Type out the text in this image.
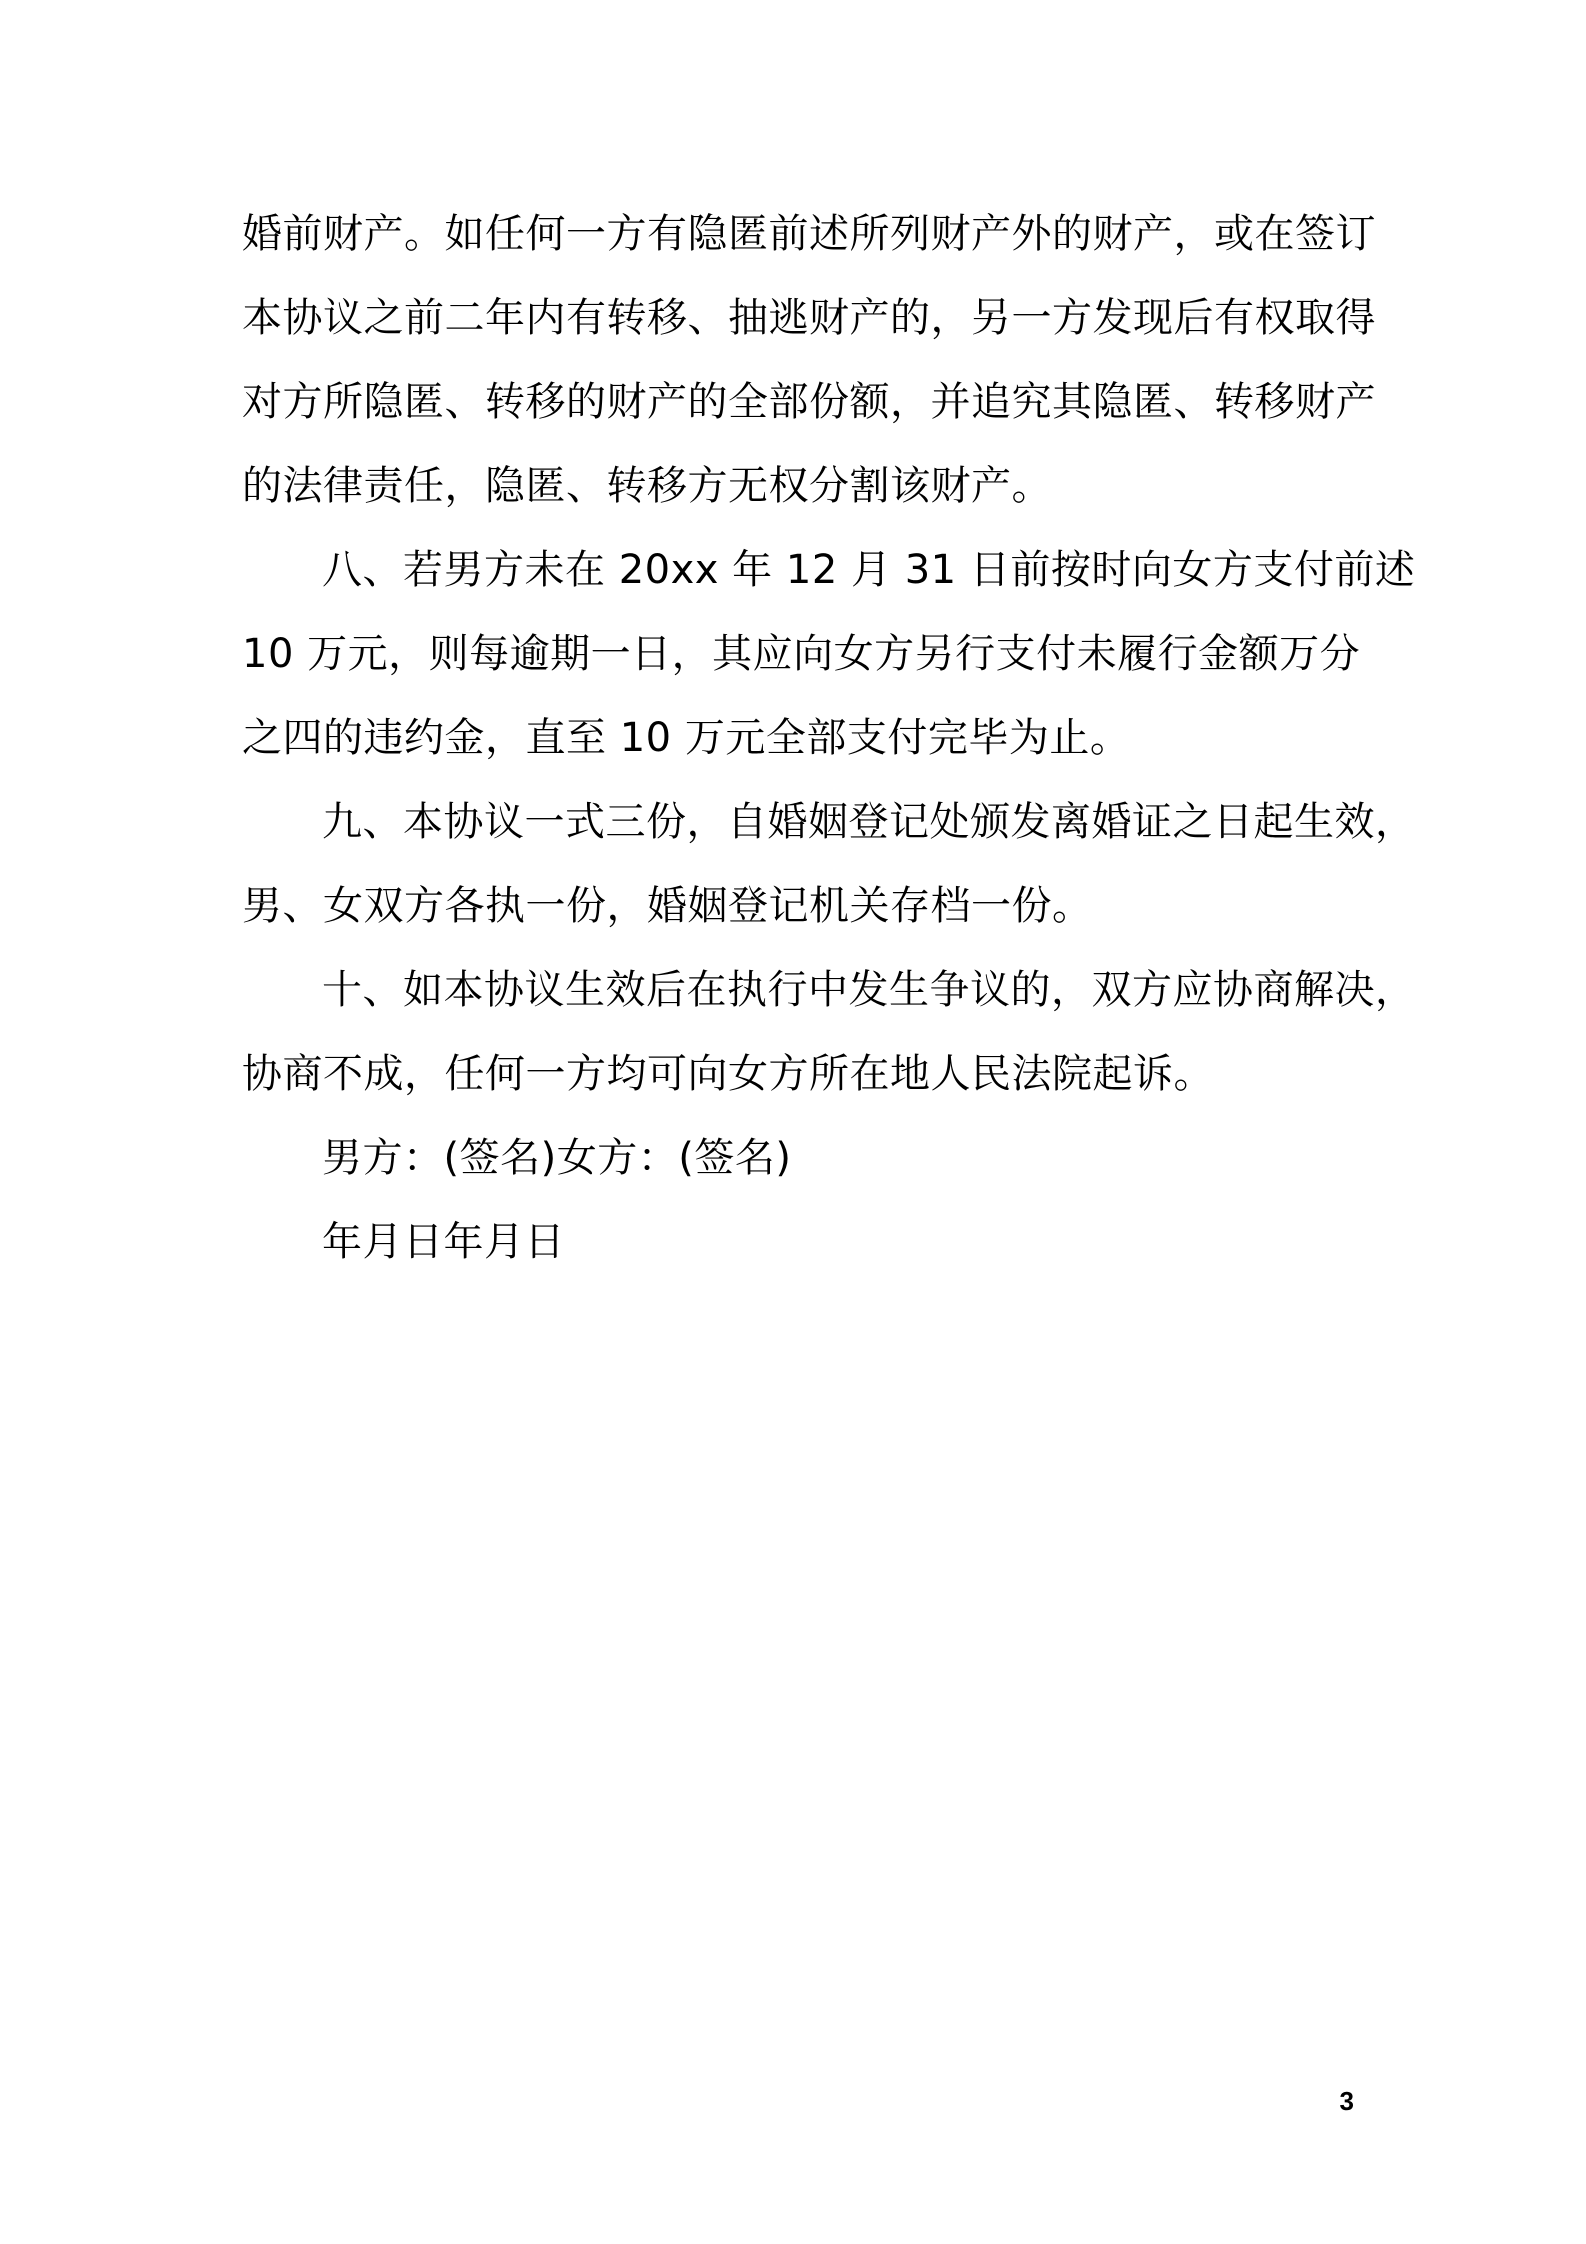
婚前财产。如任何一方有隐匿前述所列财产外的财产，或在签订
本协议之前二年内有转移、抽逃财产的，另一方发现后有权取得
对方所隐匿、转移的财产的全部份额，并追究其隐匿、转移财产
的法律责任，隐匿、转移方无权分割该财产。
八、若男方未在 20xx 年 12 月 31 日前按时向女方支付前述
10 万元，则每逾期一日，其应向女方另行支付未履行金额万分
之四的违约金，直至 10 万元全部支付完毕为止。
九、本协议一式三份，自婚姻登记处颁发离婚证之日起生效，
男、女双方各执一份，婚姻登记机关存档一份。
十、如本协议生效后在执行中发生争议的，双方应协商解决，
协商不成，任何一方均可向女方所在地人民法院起诉。
男方：(签名)女方：(签名)
年月日年月日
3
